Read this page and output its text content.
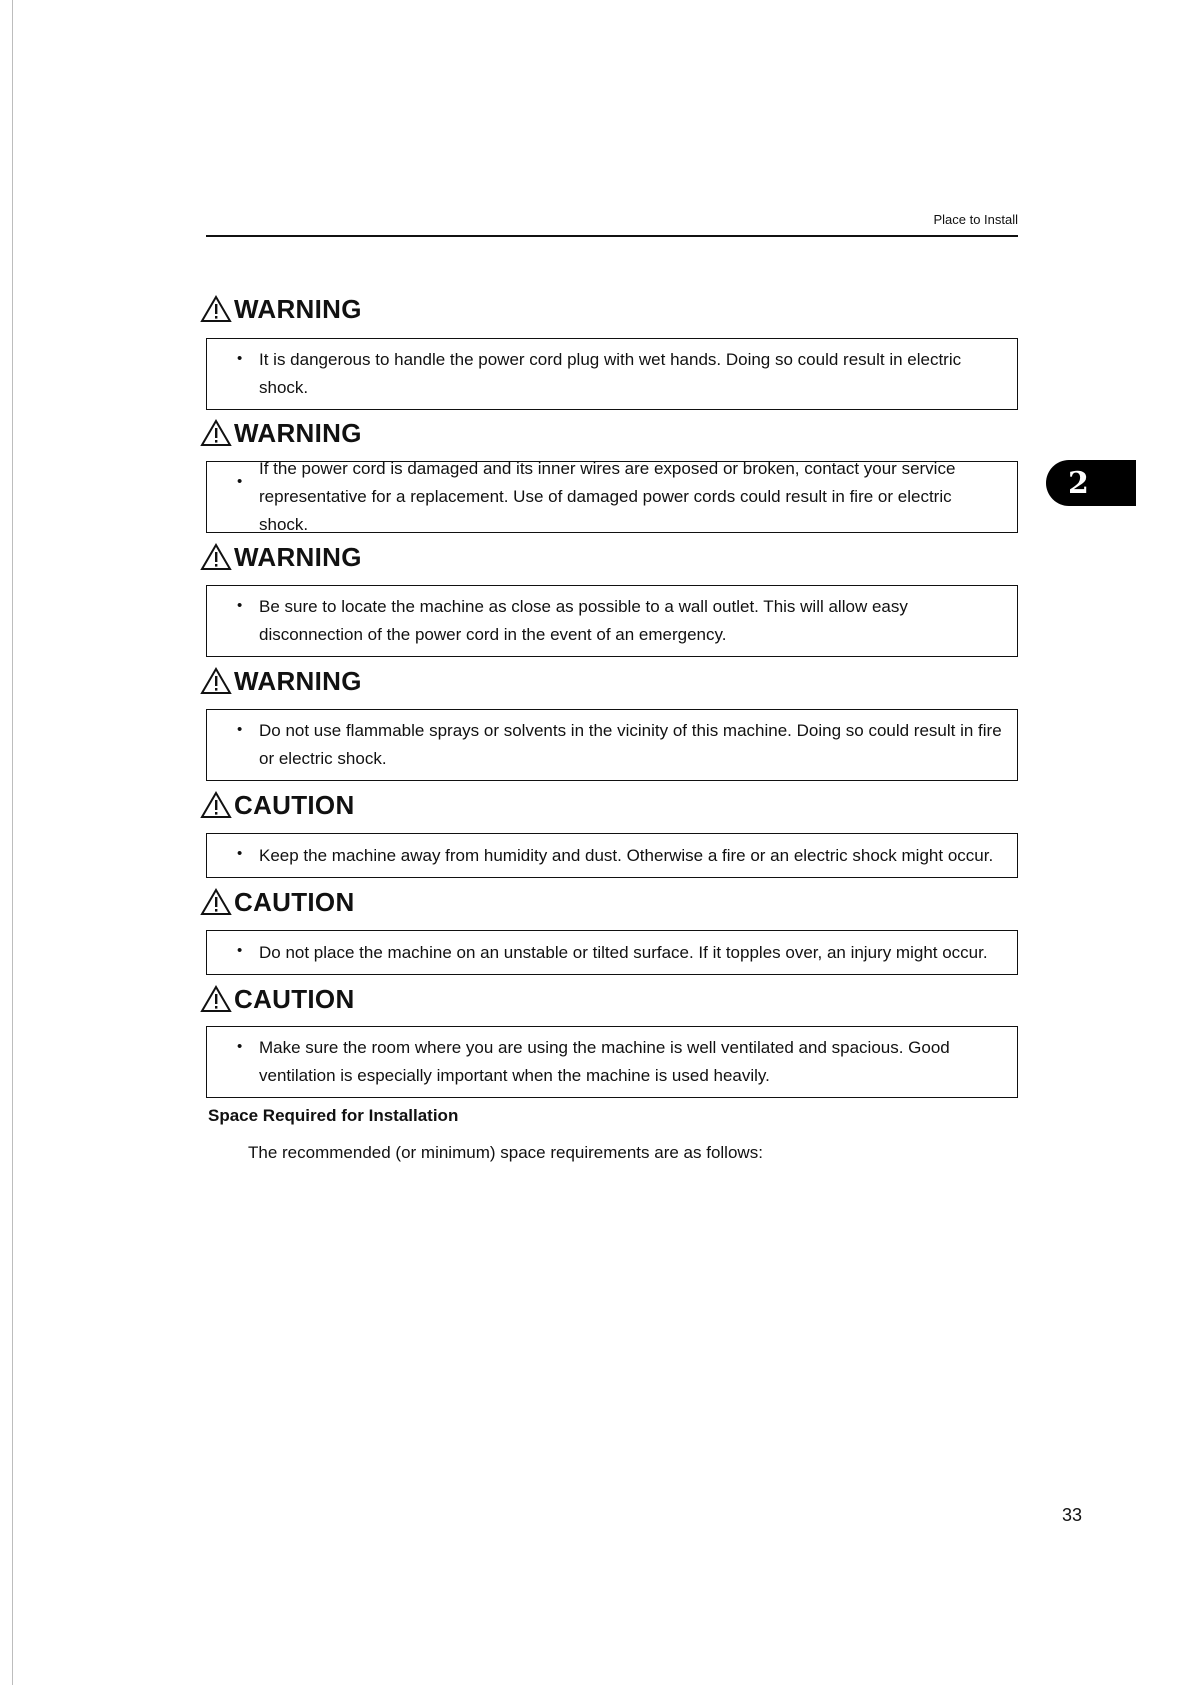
Place to Install
2
WARNING
• It is dangerous to handle the power cord plug with wet hands. Doing so could result in electric shock.
WARNING
•
If the power cord is damaged and its inner wires are exposed or broken, contact your service representative for a replacement. Use of damaged power cords could result in fire or electric shock.
WARNING
• Be sure to locate the machine as close as possible to a wall outlet. This will allow easy disconnection of the power cord in the event of an emergency.
WARNING
• Do not use flammable sprays or solvents in the vicinity of this machine. Doing so could result in fire or electric shock.
CAUTION
• Keep the machine away from humidity and dust. Otherwise a fire or an electric shock might occur.
CAUTION
• Do not place the machine on an unstable or tilted surface. If it topples over, an injury might occur.
CAUTION
• Make sure the room where you are using the machine is well ventilated and spacious. Good ventilation is especially important when the machine is used heavily.
Space Required for Installation
The recommended (or minimum) space requirements are as follows:
33
